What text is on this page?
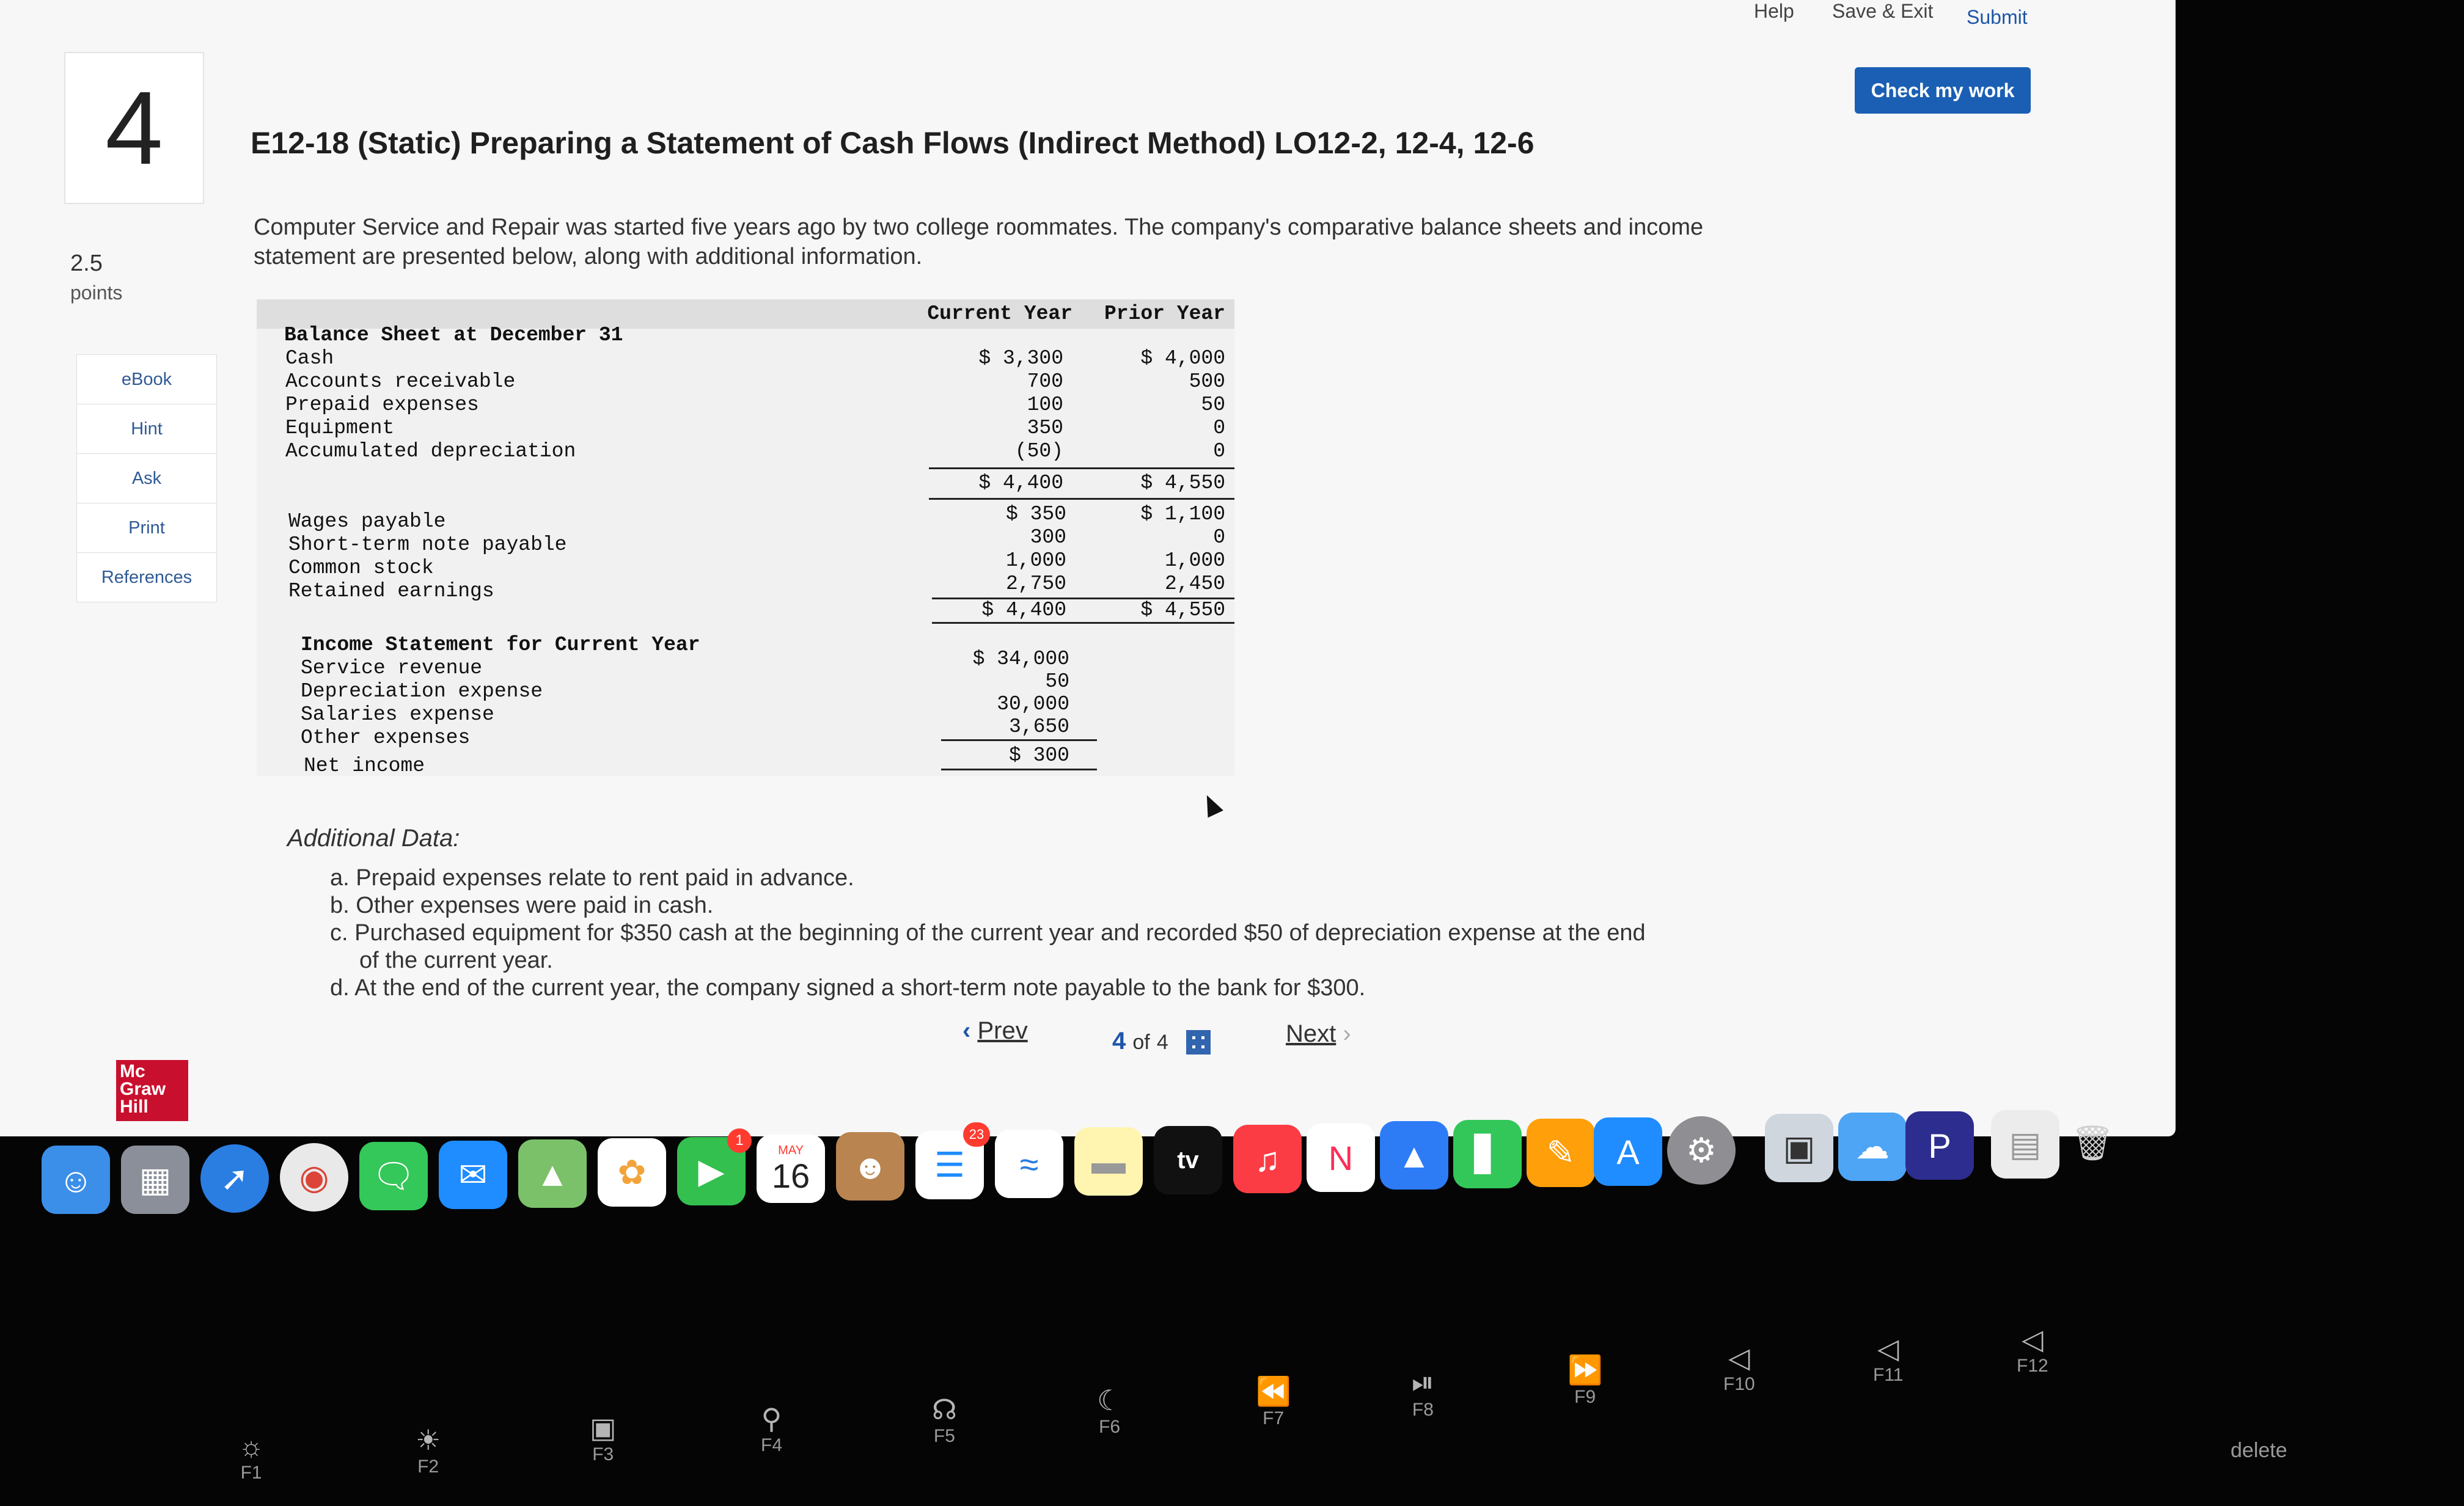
Help Save & Exit Submit
Check my work
4
2.5
points
eBook
Hint
Ask
Print
References
E12-18 (Static) Preparing a Statement of Cash Flows (Indirect Method) LO12-2, 12-4, 12-6
Computer Service and Repair was started five years ago by two college roommates. The company's comparative balance sheets and income statement are presented below, along with additional information.
Current Year	Prior Year
Balance Sheet at December 31
Cash	$ 3,300	$ 4,000
Accounts receivable	700	500
Prepaid expenses	100	50
Equipment	350	0
Accumulated depreciation	(50)	0
$ 4,400	$ 4,550
Wages payable	$ 350	$ 1,100
Short-term note payable	300	0
Common stock	1,000	1,000
Retained earnings	2,750	2,450
$ 4,400	$ 4,550
Income Statement for Current Year
Service revenue	$ 34,000
Depreciation expense	50
Salaries expense	30,000
Other expenses	3,650
Net income	$ 300
Additional Data:

a. Prepaid expenses relate to rent paid in advance.

b. Other expenses were paid in cash.

c. Purchased equipment for $350 cash at the beginning of the current year and recorded $50 of depreciation expense at the end

of the current year.

d. At the end of the current year, the company signed a short-term note payable to the bank for $300.

‹ Prev	4 of 4	Next ›
Mc
Graw
Hill
☺	▦	➚	◉	🗨	✉	▲	✿	▶
1
MAY
16	☻	☰
23
≈	▬	tv	♫	N	▲	▋	✎	A	⚙	▣	☁	P	▤ 🗑
☼
F1
☀
F2
▣
F3
⚲
F4
☊
F5
☾
F6
⏪
F7
⏯
F8
⏩
F9
◁
F10
◁
F11
◁
F12
delete
